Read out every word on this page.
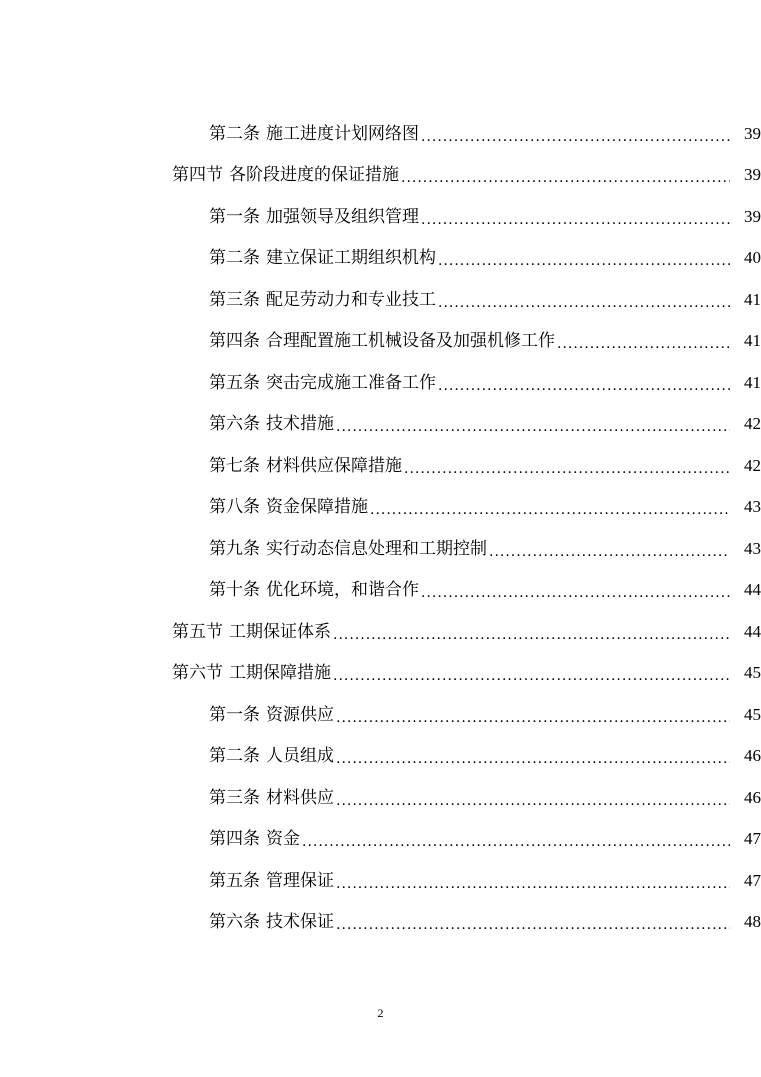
第二条 施工进度计划网络图 .....	39
第四节 各阶段进度的保证措施 .....	39
第一条 加强领导及组织管理 .....	39
第二条 建立保证工期组织机构 .....	40
第三条 配足劳动力和专业技工 .....	41
第四条 合理配置施工机械设备及加强机修工作 .....	41
第五条 突击完成施工准备工作 .....	41
第六条 技术措施 .....	42
第七条 材料供应保障措施 .....	42
第八条 资金保障措施 .....	43
第九条 实行动态信息处理和工期控制 .....	43
第十条 优化环境，和谐合作 .....	44
第五节 工期保证体系 .....	44
第六节 工期保障措施 .....	45
第一条 资源供应 .....	45
第二条 人员组成 .....	46
第三条 材料供应 .....	46
第四条 资金 .....	47
第五条 管理保证 .....	47
第六条 技术保证 .....	48
2
